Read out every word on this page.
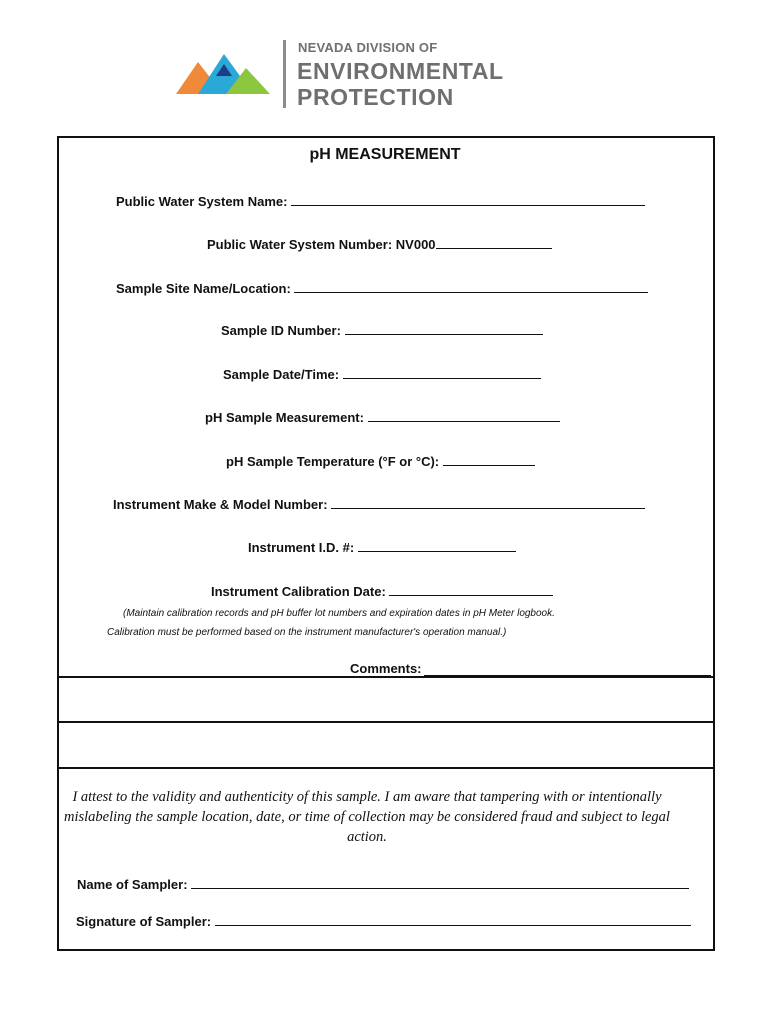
NEVADA DIVISION OF
ENVIRONMENTAL
PROTECTION
pH MEASUREMENT
Public Water System Name:
Public Water System Number: NV000
Sample Site Name/Location:
Sample ID Number:
Sample Date/Time:
pH Sample Measurement:
pH Sample Temperature (°F or °C):
Instrument Make & Model Number:
Instrument I.D. #:
Instrument Calibration Date:
(Maintain calibration records and pH buffer lot numbers and expiration dates in pH Meter logbook.
Calibration must be performed based on the instrument manufacturer's operation manual.)
Comments:
I attest to the validity and authenticity of this sample. I am aware that tampering with or intentionally mislabeling the sample location, date, or time of collection may be considered fraud and subject to legal action.
Name of Sampler:
Signature of Sampler:
